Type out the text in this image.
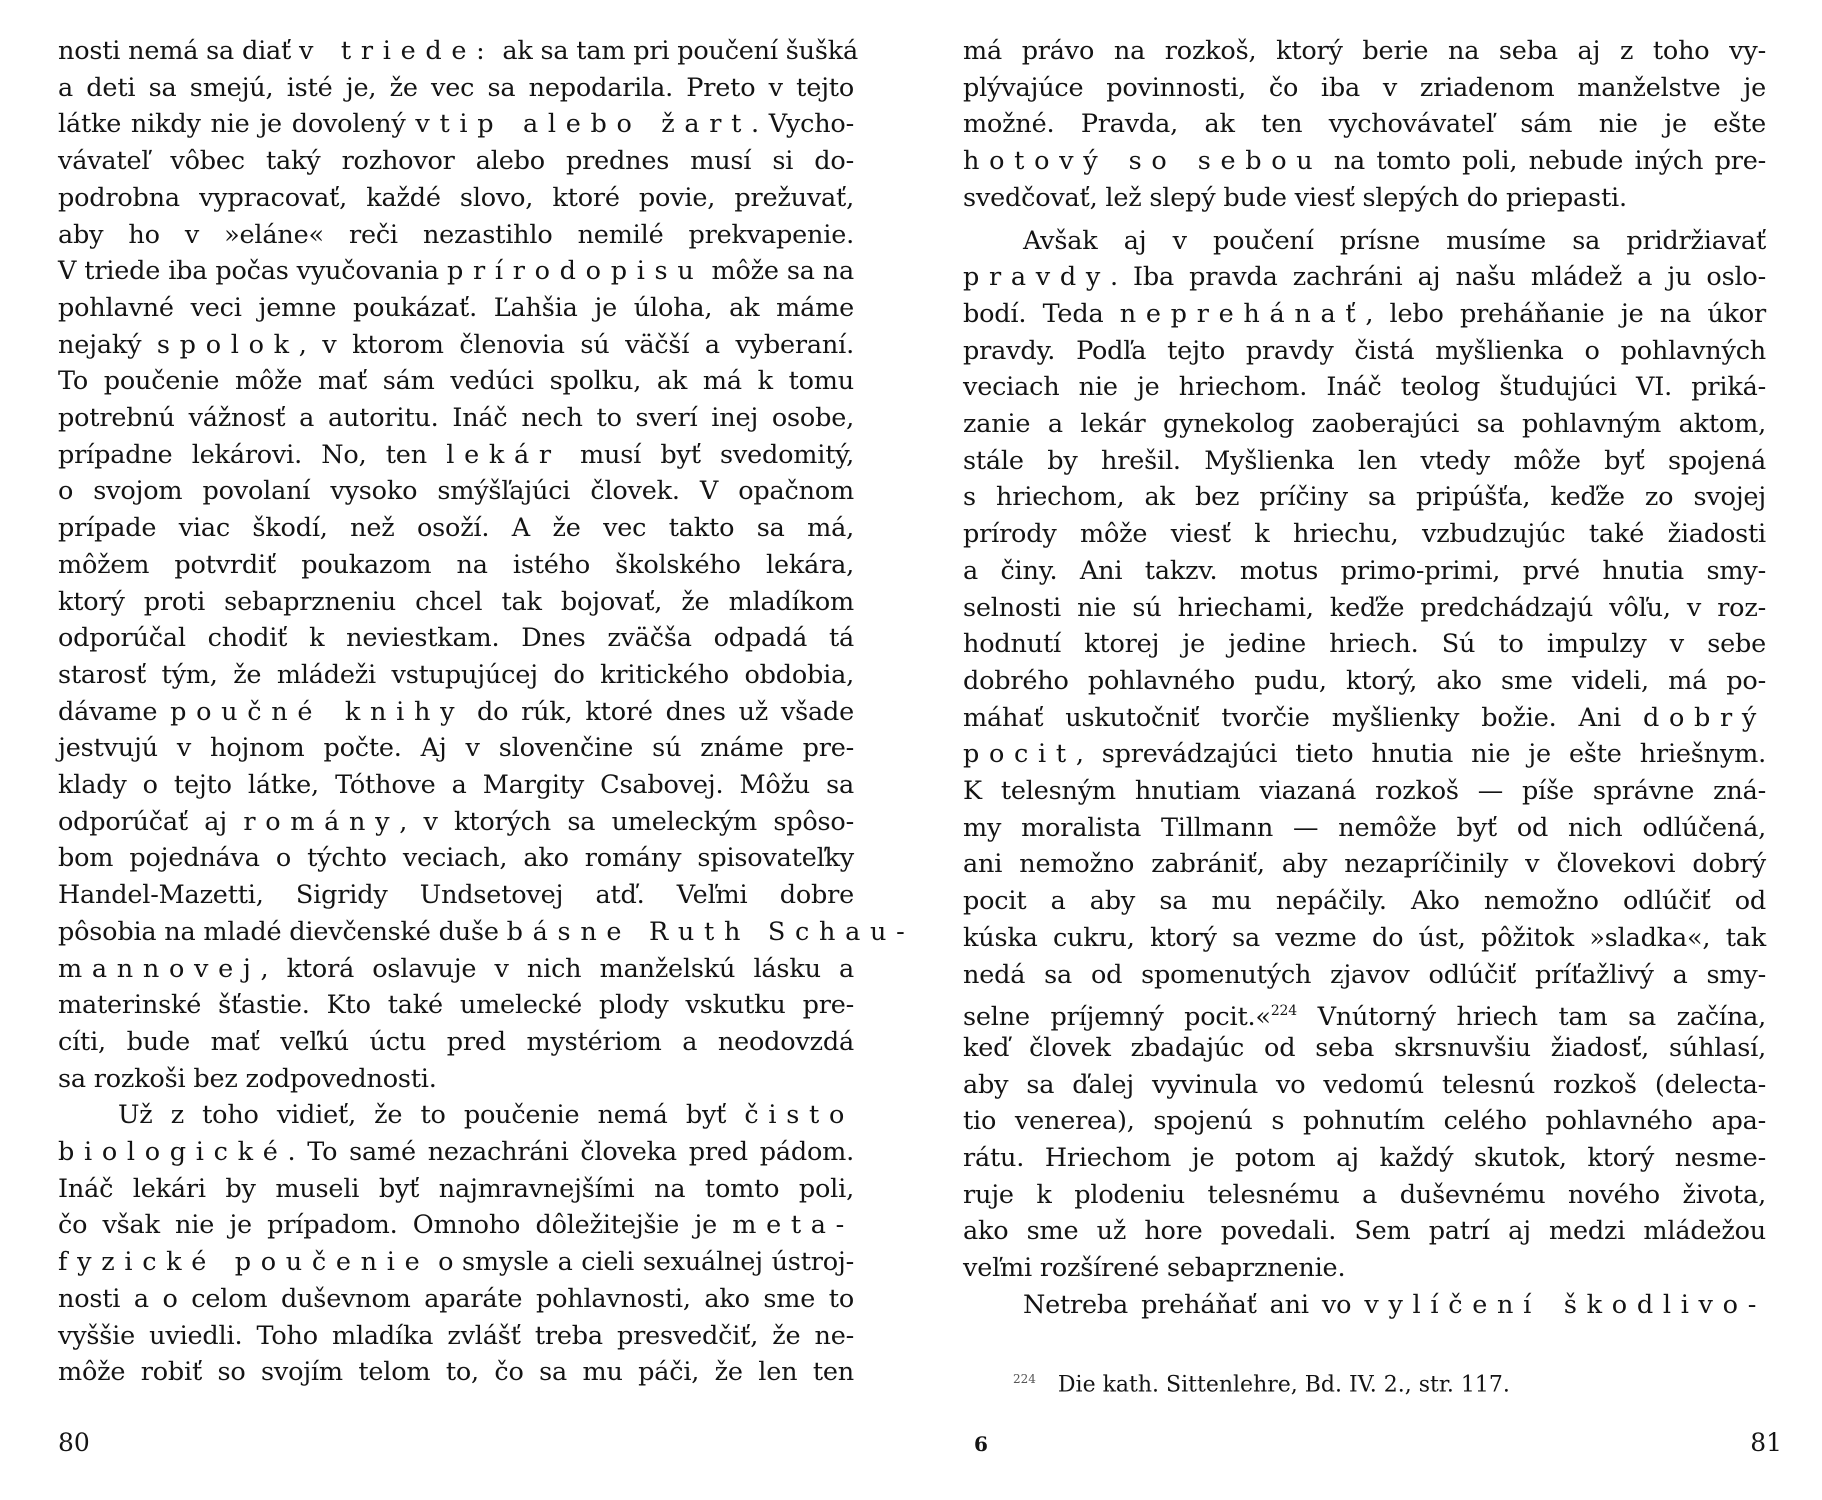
nosti nemá sa diať v triede: ak sa tam pri poučení šušká
a deti sa smejú, isté je, že vec sa nepodarila. Preto v tejto
látke nikdy nie je dovolený vtip alebo žart. Vycho-
vávateľ vôbec taký rozhovor alebo prednes musí si do-
podrobna vypracovať, každé slovo, ktoré povie, prežuvať,
aby ho v »eláne« reči nezastihlo nemilé prekvapenie.
V triede iba počas vyučovania prírodopisu môže sa na
pohlavné veci jemne poukázať. Ľahšia je úloha, ak máme
nejaký spolok, v ktorom členovia sú väčší a vyberaní.
To poučenie môže mať sám vedúci spolku, ak má k tomu
potrebnú vážnosť a autoritu. Ináč nech to sverí inej osobe,
prípadne lekárovi. No, ten lekár musí byť svedomitý,
o svojom povolaní vysoko smýšľajúci človek. V opačnom
prípade viac škodí, než osoží. A že vec takto sa má,
môžem potvrdiť poukazom na istého školského lekára,
ktorý proti sebaprzneniu chcel tak bojovať, že mladíkom
odporúčal chodiť k neviestkam. Dnes zväčša odpadá tá
starosť tým, že mládeži vstupujúcej do kritického obdobia,
dávame poučné knihy do rúk, ktoré dnes už všade
jestvujú v hojnom počte. Aj v slovenčine sú známe pre-
klady o tejto látke, Tóthove a Margity Csabovej. Môžu sa
odporúčať aj romány, v ktorých sa umeleckým spôso-
bom pojednáva o týchto veciach, ako romány spisovateľky
Handel-Mazetti, Sigridy Undsetovej atď. Veľmi dobre
pôsobia na mladé dievčenské duše básne Ruth Schau-
mannovej, ktorá oslavuje v nich manželskú lásku a
materinské šťastie. Kto také umelecké plody vskutku pre-
cíti, bude mať veľkú úctu pred mystériom a neodovzdá
sa rozkoši bez zodpovednosti.
Už z toho vidieť, že to poučenie nemá byť čisto
biologické. To samé nezachráni človeka pred pádom.
Ináč lekári by museli byť najmravnejšími na tomto poli,
čo však nie je prípadom. Omnoho dôležitejšie je meta-
fyzické poučenie o smysle a cieli sexuálnej ústroj-
nosti a o celom duševnom aparáte pohlavnosti, ako sme to
vyššie uviedli. Toho mladíka zvlášť treba presvedčiť, že ne-
môže robiť so svojím telom to, čo sa mu páči, že len ten
má právo na rozkoš, ktorý berie na seba aj z toho vy-
plývajúce povinnosti, čo iba v zriadenom manželstve je
možné. Pravda, ak ten vychovávateľ sám nie je ešte
hotový so sebou na tomto poli, nebude iných pre-
svedčovať, lež slepý bude viesť slepých do priepasti.
Avšak aj v poučení prísne musíme sa pridržiavať
pravdy. Iba pravda zachráni aj našu mládež a ju oslo-
bodí. Teda neprehánať, lebo preháňanie je na úkor
pravdy. Podľa tejto pravdy čistá myšlienka o pohlavných
veciach nie je hriechom. Ináč teolog študujúci VI. priká-
zanie a lekár gynekolog zaoberajúci sa pohlavným aktom,
stále by hrešil. Myšlienka len vtedy môže byť spojená
s hriechom, ak bez príčiny sa pripúšťa, keďže zo svojej
prírody môže viesť k hriechu, vzbudzujúc také žiadosti
a činy. Ani takzv. motus primo-primi, prvé hnutia smy-
selnosti nie sú hriechami, keďže predchádzajú vôľu, v roz-
hodnutí ktorej je jedine hriech. Sú to impulzy v sebe
dobrého pohlavného pudu, ktorý, ako sme videli, má po-
máhať uskutočniť tvorčie myšlienky božie. Ani dobrý
pocit, sprevádzajúci tieto hnutia nie je ešte hriešnym.
K telesným hnutiam viazaná rozkoš — píše správne zná-
my moralista Tillmann — nemôže byť od nich odlúčená,
ani nemožno zabrániť, aby nezapríčinily v človekovi dobrý
pocit a aby sa mu nepáčily. Ako nemožno odlúčiť od
kúska cukru, ktorý sa vezme do úst, pôžitok »sladka«, tak
nedá sa od spomenutých zjavov odlúčiť príťažlivý a smy-
selne príjemný pocit.«$^{224}$ Vnútorný hriech tam sa začína,
keď človek zbadajúc od seba skrsnuvšiu žiadosť, súhlasí,
aby sa ďalej vyvinula vo vedomú telesnú rozkoš (delecta-
tio venerea), spojenú s pohnutím celého pohlavného apa-
rátu. Hriechom je potom aj každý skutok, ktorý nesme-
ruje k plodeniu telesnému a duševnému nového života,
ako sme už hore povedali. Sem patrí aj medzi mládežou
veľmi rozšírené sebaprznenie.
Netreba preháňať ani vo vylíčení škodlivo-
80	6	81
$^{224}$ Die kath. Sittenlehre, Bd. IV. 2., str. 117.
